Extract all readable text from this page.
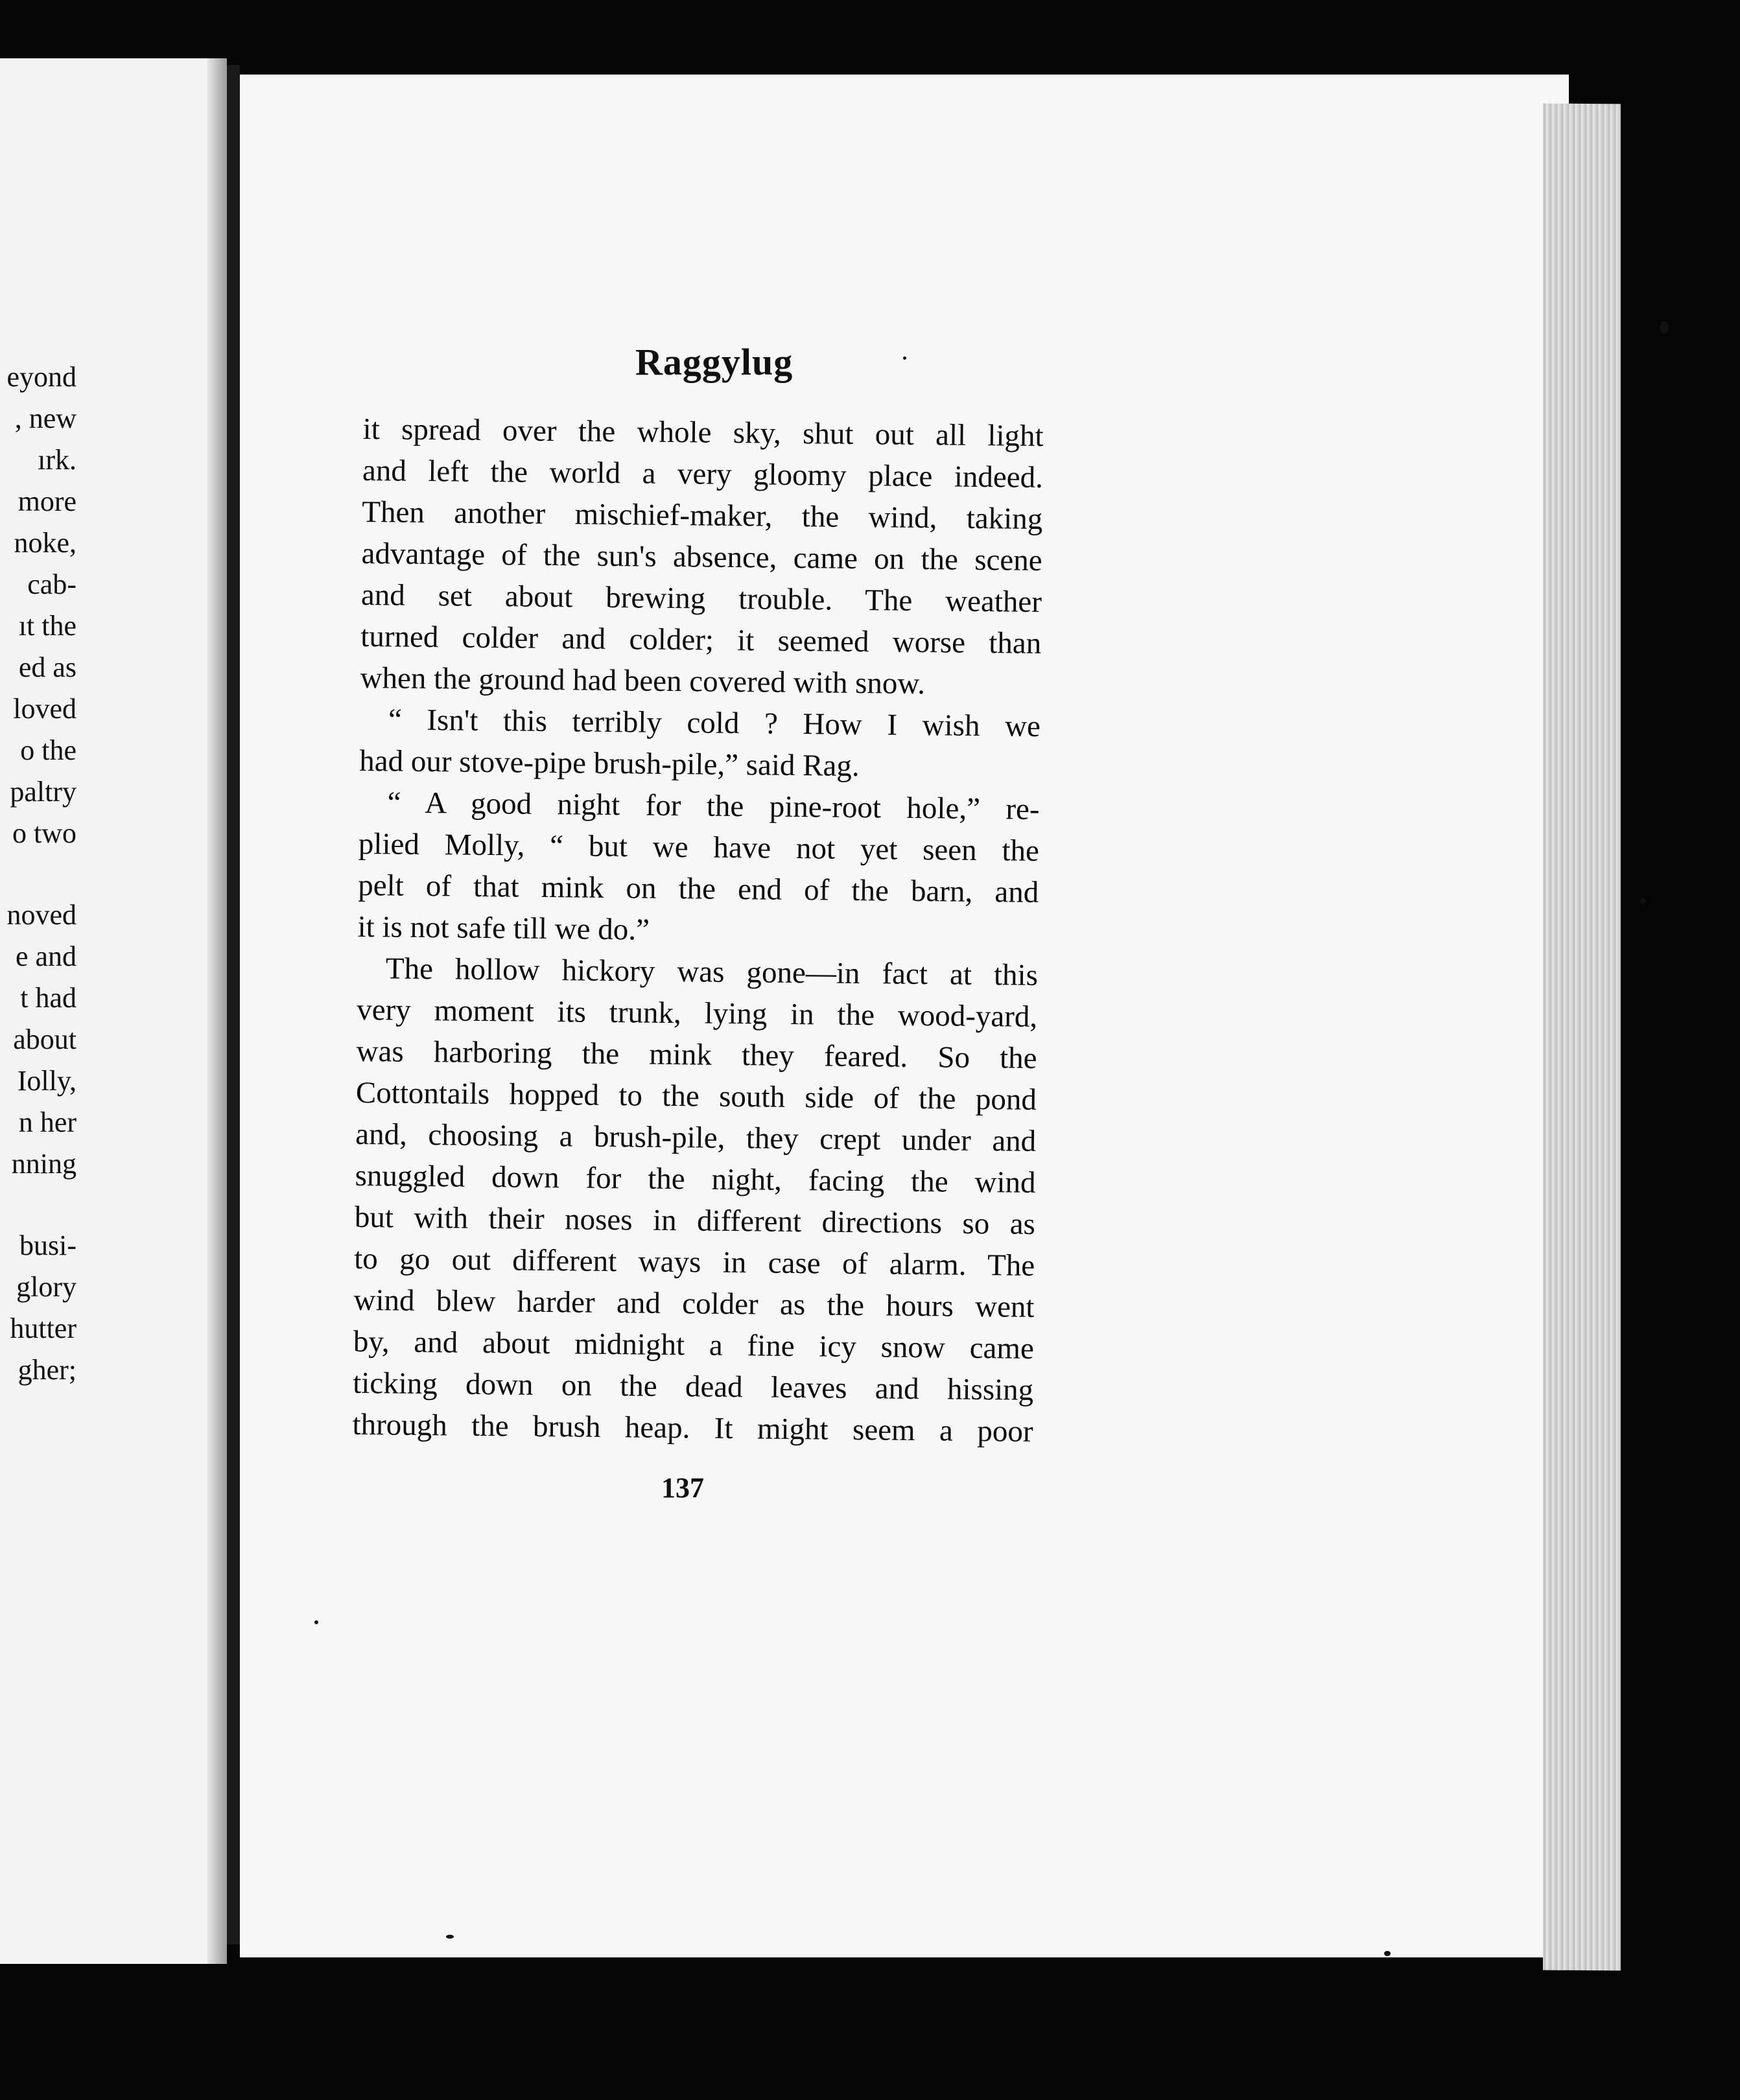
eyond
, new
ırk.
more
noke,
cab-
ıt the
ed as
loved
o the
paltry
o two
noved
e and
t had
about
Iolly,
n her
nning
busi-
glory
hutter
gher;
Raggylug
it spread over the whole sky, shut out all light
and left the world a very gloomy place indeed.
Then another mischief-maker, the wind, taking
advantage of the sun's absence, came on the scene
and set about brewing trouble. The weather
turned colder and colder; it seemed worse than
when the ground had been covered with snow.
“ Isn't this terribly cold ? How I wish we
had our stove-pipe brush-pile,” said Rag.
“ A good night for the pine-root hole,” re-
plied Molly, “ but we have not yet seen the
pelt of that mink on the end of the barn, and
it is not safe till we do.”
The hollow hickory was gone—in fact at this
very moment its trunk, lying in the wood-yard,
was harboring the mink they feared. So the
Cottontails hopped to the south side of the pond
and, choosing a brush-pile, they crept under and
snuggled down for the night, facing the wind
but with their noses in different directions so as
to go out different ways in case of alarm. The
wind blew harder and colder as the hours went
by, and about midnight a fine icy snow came
ticking down on the dead leaves and hissing
through the brush heap. It might seem a poor
137
